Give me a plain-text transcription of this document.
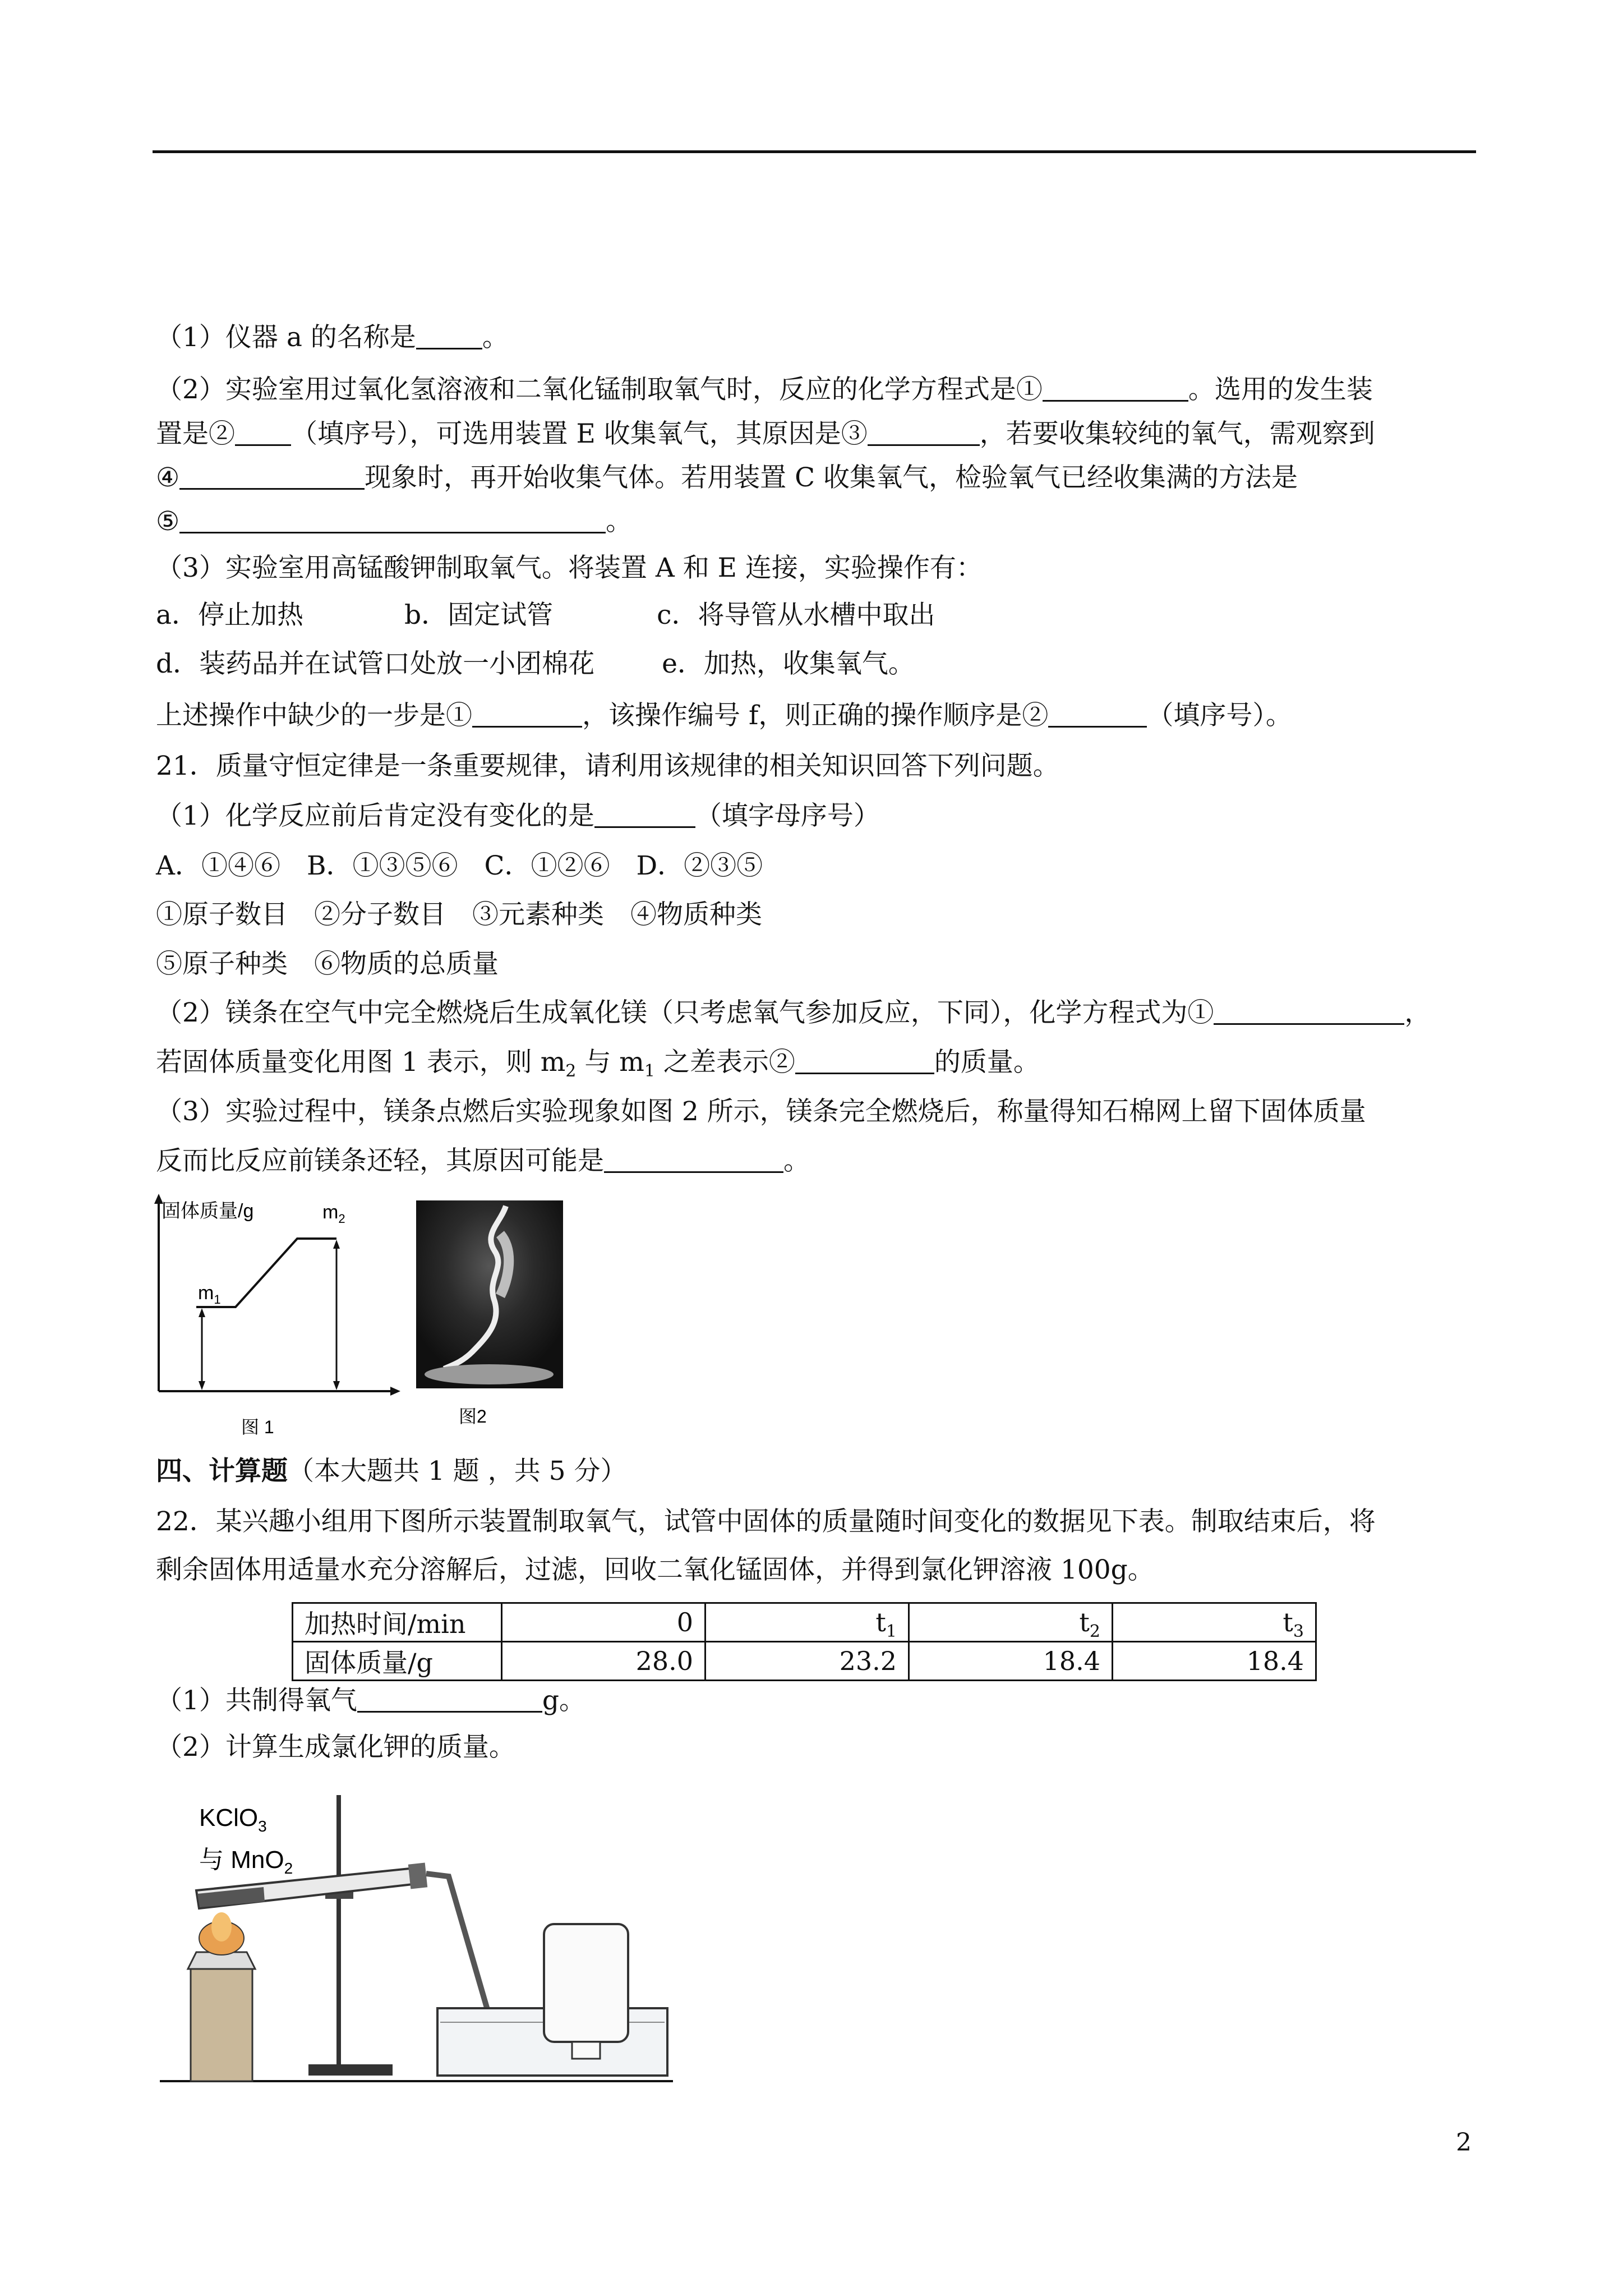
（1）仪器 a 的名称是	。
（2）实验室用过氧化氢溶液和二氧化锰制取氧气时，反应的化学方程式是①	。选用的发生装
置是② （填序号），可选用装置 E 收集氧气，其原因是③	，若要收集较纯的氧气，需观察到
④	现象时，再开始收集气体。若用装置 C 收集氧气，检验氧气已经收集满的方法是
⑤	。
（3）实验室用高锰酸钾制取氧气。将装置 A 和 E 连接，实验操作有：
a．停止加热	b．固定试管	c．将导管从水槽中取出
d．装药品并在试管口处放一小团棉花	e．加热，收集氧气。
上述操作中缺少的一步是①	，该操作编号 f，则正确的操作顺序是②	（填序号）。
21．质量守恒定律是一条重要规律，请利用该规律的相关知识回答下列问题。
（1）化学反应前后肯定没有变化的是	（填字母序号）
A．①④⑥　B．①③⑤⑥　C．①②⑥　D．②③⑤
①原子数目　②分子数目　③元素种类　④物质种类
⑤原子种类　⑥物质的总质量
（2）镁条在空气中完全燃烧后生成氧化镁（只考虑氧气参加反应，下同），化学方程式为①	，
若固体质量变化用图 1 表示，则 $m_2$ 与 $m_1$ 之差表示②	的质量。
（3）实验过程中，镁条点燃后实验现象如图 2 所示，镁条完全燃烧后，称量得知石棉网上留下固体质量
反而比反应前镁条还轻，其原因可能是	。
固体质量/g
$m_1$
$m_2$
图 1
图2
四、计算题（本大题共 1 题 ，共 5 分）
22．某兴趣小组用下图所示装置制取氧气，试管中固体的质量随时间变化的数据见下表。制取结束后，将
剩余固体用适量水充分溶解后，过滤，回收二氧化锰固体，并得到氯化钾溶液 100g。
加热时间/min	0	$t_1$	$t_2$	$t_3$
固体质量/g	28.0	23.2	18.4	18.4
（1）共制得氧气	g。
（2）计算生成氯化钾的质量。
KClO$_3$
与 MnO$_2$
2
